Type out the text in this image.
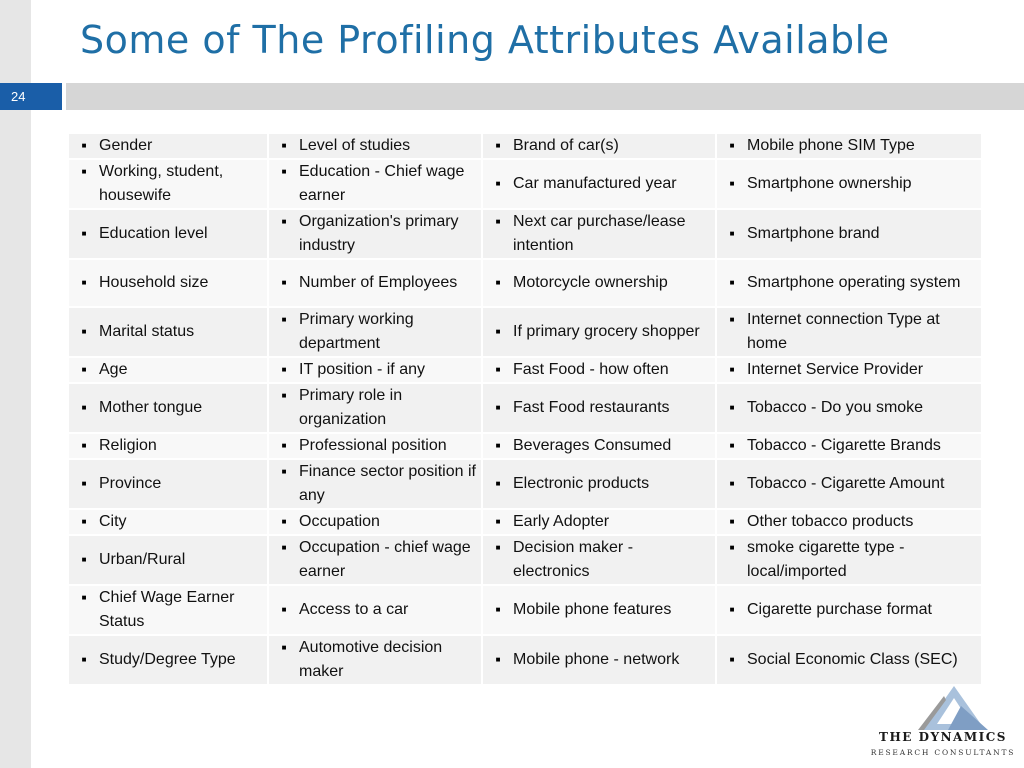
Some of The Profiling Attributes Available
24
■ Gender	■ Level of studies	■ Brand of car(s)	■ Mobile phone SIM Type

■ Working, student, housewife	■ Education - Chief wage earner	■ Car manufactured year	■ Smartphone ownership

■ Education level	■ Organization's primary industry	■ Next car purchase/lease intention	■ Smartphone brand

■ Household size	■ Number of Employees	■ Motorcycle ownership	■ Smartphone operating system

■ Marital status	■ Primary working department	■ If primary grocery shopper	■ Internet connection Type at home

■ Age	■ IT position - if any	■ Fast Food - how often	■ Internet Service Provider

■ Mother tongue	■ Primary role in organization	■ Fast Food restaurants	■ Tobacco - Do you smoke

■ Religion	■ Professional position	■ Beverages Consumed	■ Tobacco - Cigarette Brands

■ Province	■ Finance sector position if any	■ Electronic products	■ Tobacco - Cigarette Amount

■ City	■ Occupation	■ Early Adopter	■ Other tobacco products

■ Urban/Rural	■ Occupation - chief wage earner	■ Decision maker - electronics	■ smoke cigarette type - local/imported

■ Chief Wage Earner Status	■ Access to a car	■ Mobile phone features	■ Cigarette purchase format

■ Study/Degree Type	■ Automotive decision maker	■ Mobile phone - network	■ Social Economic Class (SEC)
THE DYNAMICS
RESEARCH CONSULTANTS
